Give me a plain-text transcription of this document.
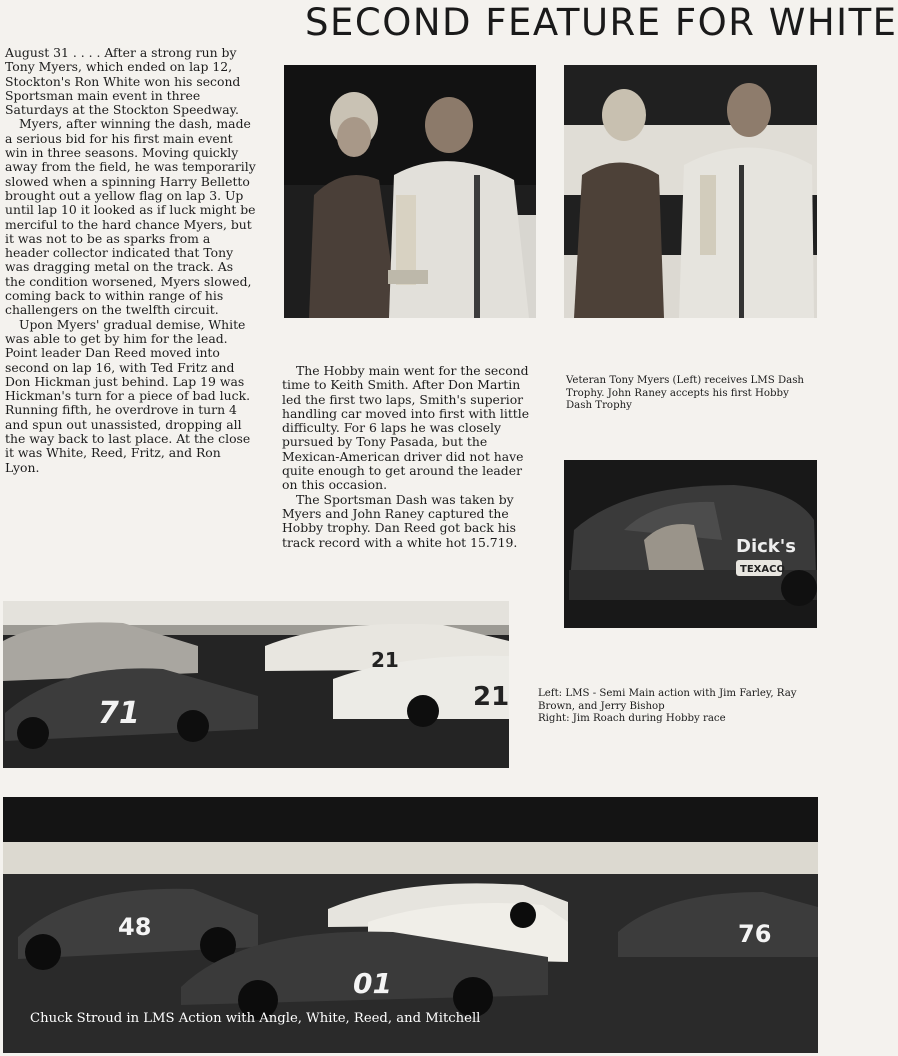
SECOND FEATURE FOR WHITE

August 31 . . . . After a strong run by Tony Myers, which ended on lap 12, Stockton's Ron White won his second Sportsman main event in three Saturdays at the Stockton Speedway.

Myers, after winning the dash, made a serious bid for his first main event win in three seasons. Moving quickly away from the field, he was temporarily slowed when a spinning Harry Belletto brought out a yellow flag on lap 3. Up until lap 10 it looked as if luck might be merciful to the hard chance Myers, but it was not to be as sparks from a header collector indicated that Tony was dragging metal on the track. As the condition worsened, Myers slowed, coming back to within range of his challengers on the twelfth circuit.

Upon Myers' gradual demise, White was able to get by him for the lead. Point leader Dan Reed moved into second on lap 16, with Ted Fritz and Don Hickman just behind. Lap 19 was Hickman's turn for a piece of bad luck. Running fifth, he overdrove in turn 4 and spun out unassisted, dropping all the way back to last place. At the close it was White, Reed, Fritz, and Ron Lyon.

The Hobby main went for the second time to Keith Smith. After Don Martin led the first two laps, Smith's superior handling car moved into first with little difficulty. For 6 laps he was closely pursued by Tony Pasada, but the Mexican-American driver did not have quite enough to get around the leader on this occasion.

The Sportsman Dash was taken by Myers and John Raney captured the Hobby trophy. Dan Reed got back his track record with a white hot 15.719.

Veteran Tony Myers (Left) receives LMS Dash Trophy. John Raney accepts his first Hobby Dash Trophy
Dick's
TEXACO
71
21
21	Left: LMS - Semi Main action with Jim Farley, Ray Brown, and Jerry Bishop
Right: Jim Roach during Hobby race
48
01
76
Chuck Stroud in LMS Action with Angle, White, Reed, and Mitchell
